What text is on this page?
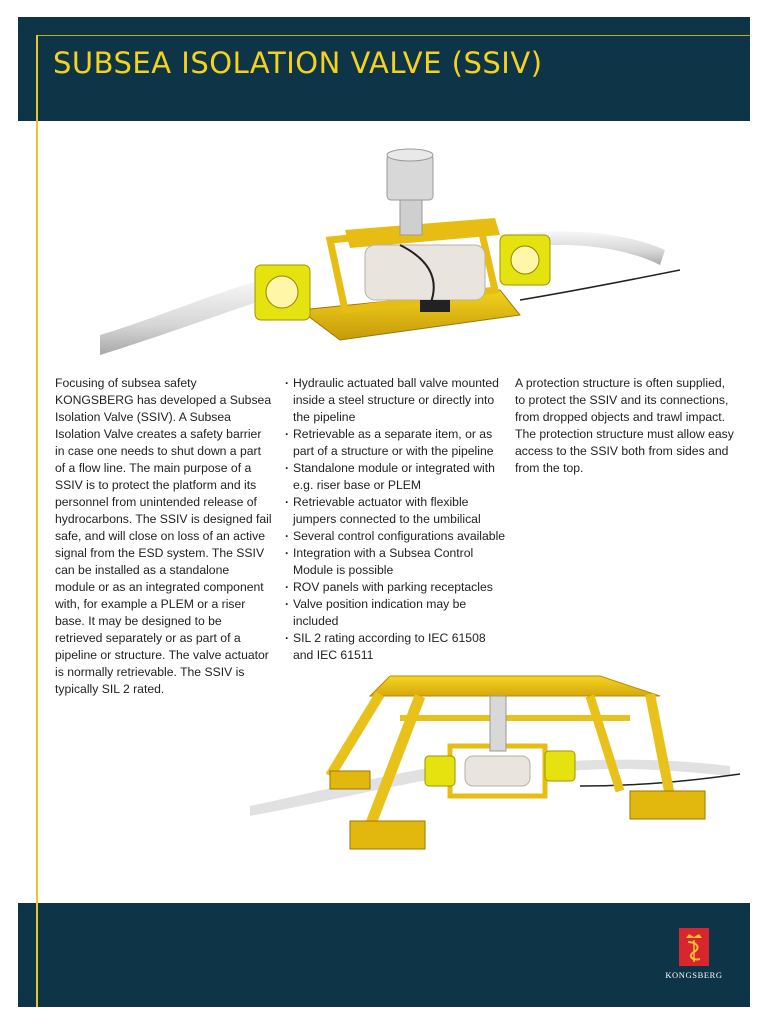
SUBSEA ISOLATION VALVE (SSIV)

Focusing of subsea safety KONGSBERG has developed a Subsea Isolation Valve (SSIV). A Subsea Isolation Valve creates a safety barrier in case one needs to shut down a part of a flow line. The main purpose of a SSIV is to protect the platform and its personnel from unintended release of hydrocarbons. The SSIV is designed fail safe, and will close on loss of an active signal from the ESD system. The SSIV can be installed as a standalone module or as an integrated component with, for example a PLEM or a riser base. It may be designed to be retrieved separately or as part of a pipeline or structure. The valve actuator is normally retrievable. The SSIV is typically SIL 2 rated.

· Hydraulic actuated ball valve mounted inside a steel structure or directly into the pipeline
· Retrievable as a separate item, or as part of a structure or with the pipeline
· Standalone module or integrated with e.g. riser base or PLEM
· Retrievable actuator with flexible jumpers connected to the umbilical
· Several control configurations available
· Integration with a Subsea Control Module is possible
· ROV panels with parking receptacles
· Valve position indication may be included
· SIL 2 rating according to IEC 61508 and IEC 61511

A protection structure is often supplied, to protect the SSIV and its connections, from dropped objects and trawl impact. The protection structure must allow easy access to the SSIV both from sides and from the top.

KONGSBERG
